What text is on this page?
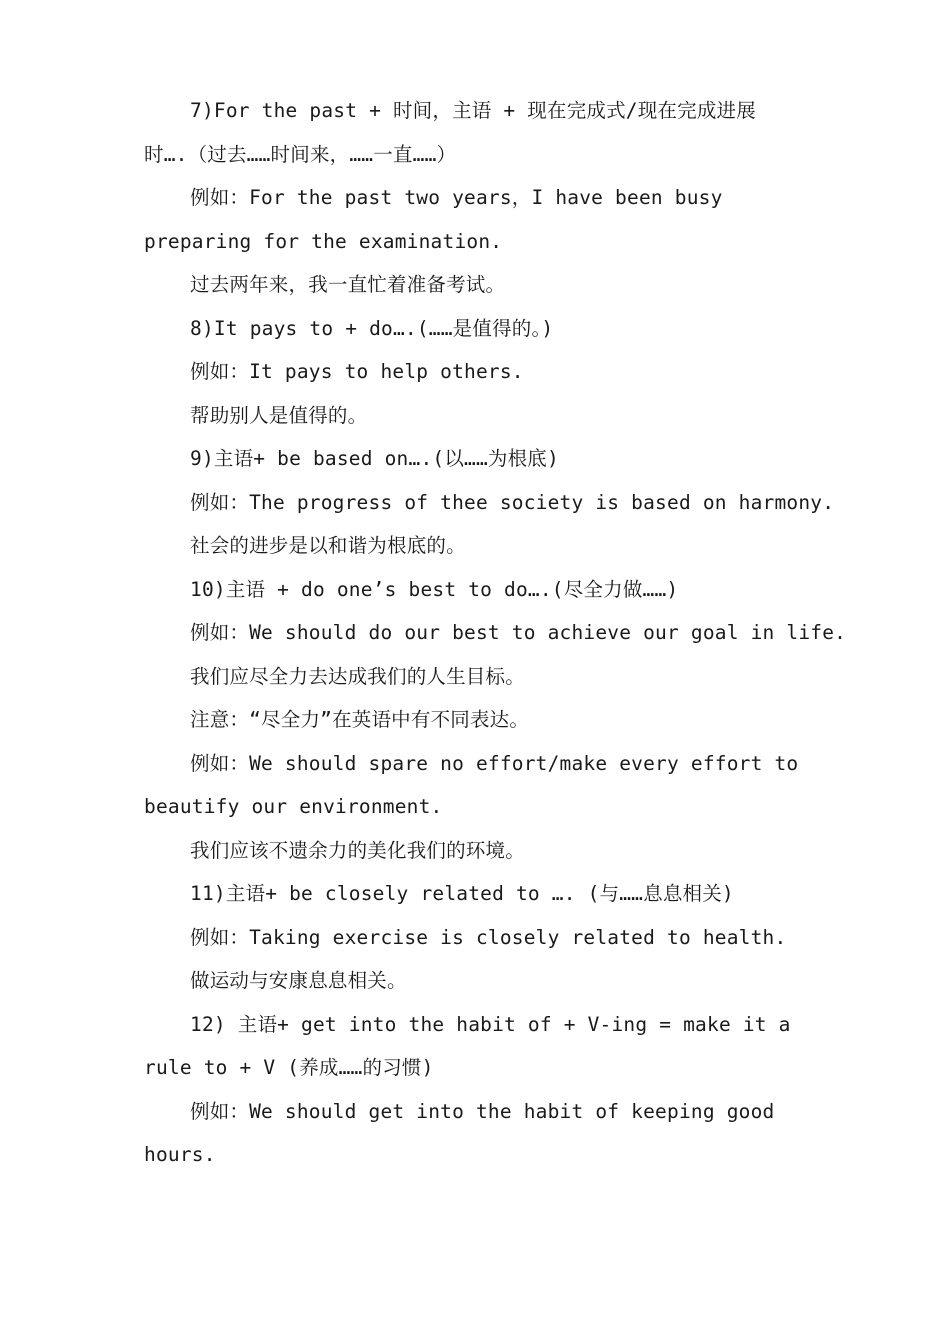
7)For the past + 时间，主语 + 现在完成式/现在完成进展
时….（过去……时间来，……一直……）
例如：For the past two years，I have been busy
preparing for the examination.
过去两年来，我一直忙着准备考试。
8)It pays to + do….(……是值得的。)
例如：It pays to help others.
帮助别人是值得的。
9)主语+ be based on….(以……为根底)
例如：The progress of thee society is based on harmony.
社会的进步是以和谐为根底的。
10)主语 + do one’s best to do….(尽全力做……)
例如：We should do our best to achieve our goal in life.
我们应尽全力去达成我们的人生目标。
注意：“尽全力”在英语中有不同表达。
例如：We should spare no effort/make every effort to
beautify our environment.
我们应该不遗余力的美化我们的环境。
11)主语+ be closely related to …. (与……息息相关)
例如：Taking exercise is closely related to health.
做运动与安康息息相关。
12) 主语+ get into the habit of + V-ing = make it a
rule to + V (养成……的习惯)
例如：We should get into the habit of keeping good
hours.
